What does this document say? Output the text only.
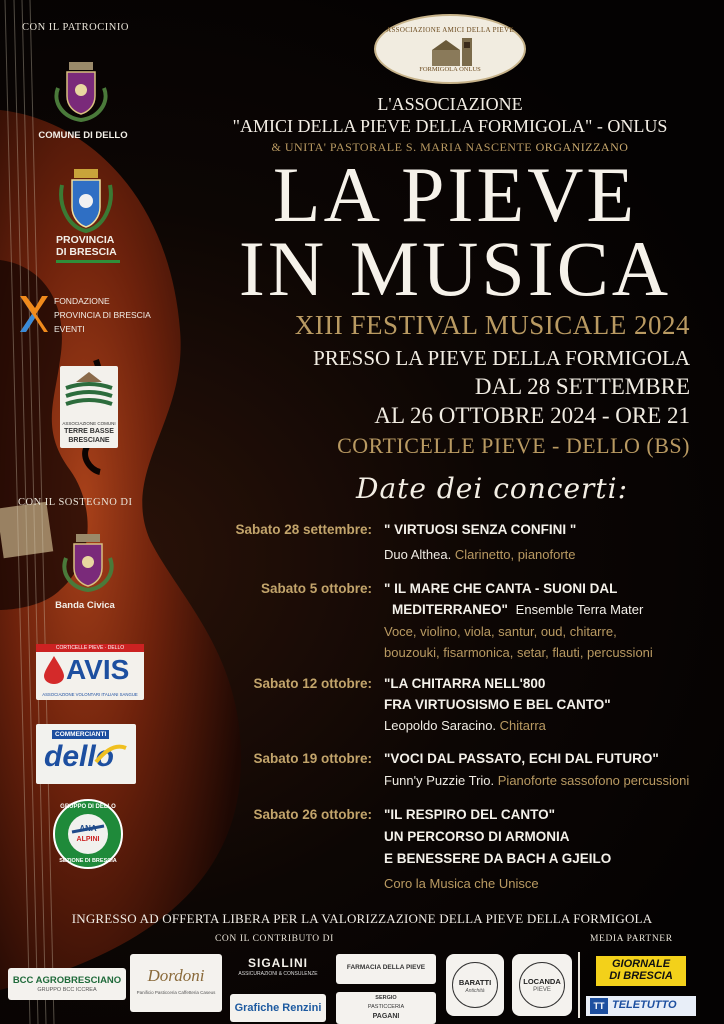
CON IL PATROCINIO
COMUNE DI DELLO
PROVINCIA
DI BRESCIA
FONDAZIONE
PROVINCIA DI BRESCIA
EVENTI
ASSOCIAZIONE COMUNI
TERRE BASSE
BRESCIANE
CON IL SOSTEGNO DI
Banda Civica
CORTICELLE PIEVE · DELLO
AVIS
ASSOCIAZIONE VOLONTARI ITALIANI SANGUE
COMMERCIANTI
dello
GRUPPO DI DELLO
ANA
ALPINI
SEZIONE DI BRESCIA
ASSOCIAZIONE AMICI DELLA PIEVE
FORMIGOLA ONLUS
L'ASSOCIAZIONE
"AMICI DELLA PIEVE DELLA FORMIGOLA" - ONLUS
& UNITA' PASTORALE S. MARIA NASCENTE ORGANIZZANO
LA PIEVE
IN MUSICA
XIII FESTIVAL MUSICALE 2024
PRESSO LA PIEVE DELLA FORMIGOLA
DAL 28 SETTEMBRE
AL 26 OTTOBRE 2024 - ORE 21
CORTICELLE PIEVE - DELLO (BS)
Date dei concerti:
Sabato 28 settembre: " VIRTUOSI SENZA CONFINI "
Duo Althea. Clarinetto, pianoforte
Sabato 5 ottobre: " IL MARE CHE CANTA - SUONI DAL
MEDITERRANEO" Ensemble Terra Mater
Voce, violino, viola, santur, oud, chitarre,
bouzouki, fisarmonica, setar, flauti, percussioni
Sabato 12 ottobre: "LA CHITARRA NELL'800
FRA VIRTUOSISMO E BEL CANTO"
Leopoldo Saracino. Chitarra
Sabato 19 ottobre: "VOCI DAL PASSATO, ECHI DAL FUTURO"
Funn'y Puzzie Trio. Pianoforte sassofono percussioni
Sabato 26 ottobre: "IL RESPIRO DEL CANTO"
UN PERCORSO DI ARMONIA
E BENESSERE DA BACH A GJEILO
Coro la Musica che Unisce
INGRESSO AD OFFERTA LIBERA PER LA VALORIZZAZIONE DELLA PIEVE DELLA FORMIGOLA
CON IL CONTRIBUTO DI	MEDIA PARTNER
BCC AGROBRESCIANO
GRUPPO BCC ICCREA
Dordoni
Panificio Pasticceria Caffetteria Caseus
SIGALINI
ASSICURAZIONI & CONSULENZE
Grafiche Renzini
FARMACIA DELLA PIEVE
SERGIO
PASTICCERIA
PAGANI
BARATTI
Antichità
LOCANDA
PIEVE
GIORNALE
DI BRESCIA
TT TELETUTTO
